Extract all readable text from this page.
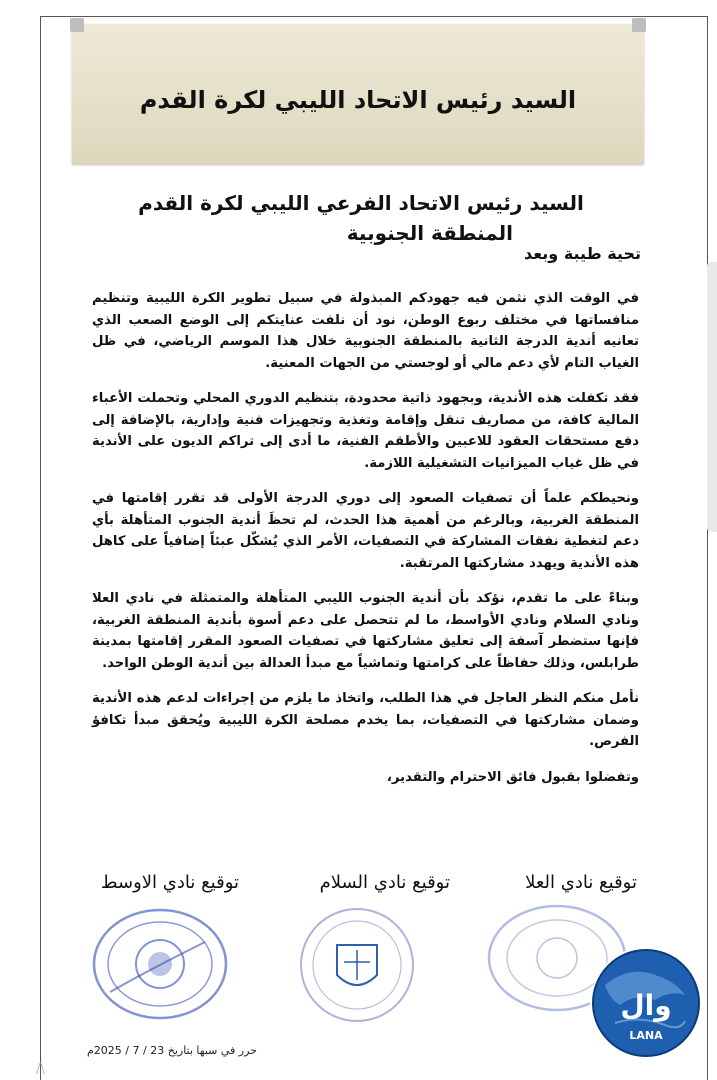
السيد رئيس الاتحاد الليبي لكرة القدم
السيد رئيس الاتحاد الفرعي الليبي لكرة القدم
المنطقة الجنوبية
تحية طيبة وبعد

في الوقت الذي نثمن فيه جهودكم المبذولة في سبيل تطوير الكرة الليبية وتنظيم منافساتها في مختلف ربوع الوطن، نود أن نلفت عنايتكم إلى الوضع الصعب الذي تعانيه أندية الدرجة الثانية بالمنطقة الجنوبية خلال هذا الموسم الرياضي، في ظل الغياب التام لأي دعم مالي أو لوجستي من الجهات المعنية.

فقد تكفلت هذه الأندية، وبجهود ذاتية محدودة، بتنظيم الدوري المحلي وتحملت الأعباء المالية كافة، من مصاريف تنقل وإقامة وتغذية وتجهيزات فنية وإدارية، بالإضافة إلى دفع مستحقات العقود للاعبين والأطقم الفنية، ما أدى إلى تراكم الديون على الأندية في ظل غياب الميزانيات التشغيلية اللازمة.

ونحيطكم علماً أن تصفيات الصعود إلى دوري الدرجة الأولى قد تقرر إقامتها في المنطقة الغربية، وبالرغم من أهمية هذا الحدث، لم تحظَ أندية الجنوب المتأهلة بأي دعم لتغطية نفقات المشاركة في التصفيات، الأمر الذي يُشكّل عبئاً إضافياً على كاهل هذه الأندية ويهدد مشاركتها المرتقبة.

وبناءً على ما تقدم، نؤكد بأن أندية الجنوب الليبي المتأهلة والمتمثلة في نادي العلا ونادي السلام ونادي الأواسط، ما لم تتحصل على دعم أسوة بأندية المنطقة الغربية، فإنها ستضطر آسفة إلى تعليق مشاركتها في تصفيات الصعود المقرر إقامتها بمدينة طرابلس، وذلك حفاظاً على كرامتها وتماشياً مع مبدأ العدالة بين أندية الوطن الواحد.

نأمل منكم النظر العاجل في هذا الطلب، واتخاذ ما يلزم من إجراءات لدعم هذه الأندية وضمان مشاركتها في التصفيات، بما يخدم مصلحة الكرة الليبية ويُحقق مبدأ تكافؤ الفرص.

وتفضلوا بقبول فائق الاحترام والتقدير،

توقيع نادي العلا
توقيع نادي السلام
توقيع نادي الاوسط
حرر في سبها بتاريخ 23 / 7 / 2025م
وال
LANA
/\
